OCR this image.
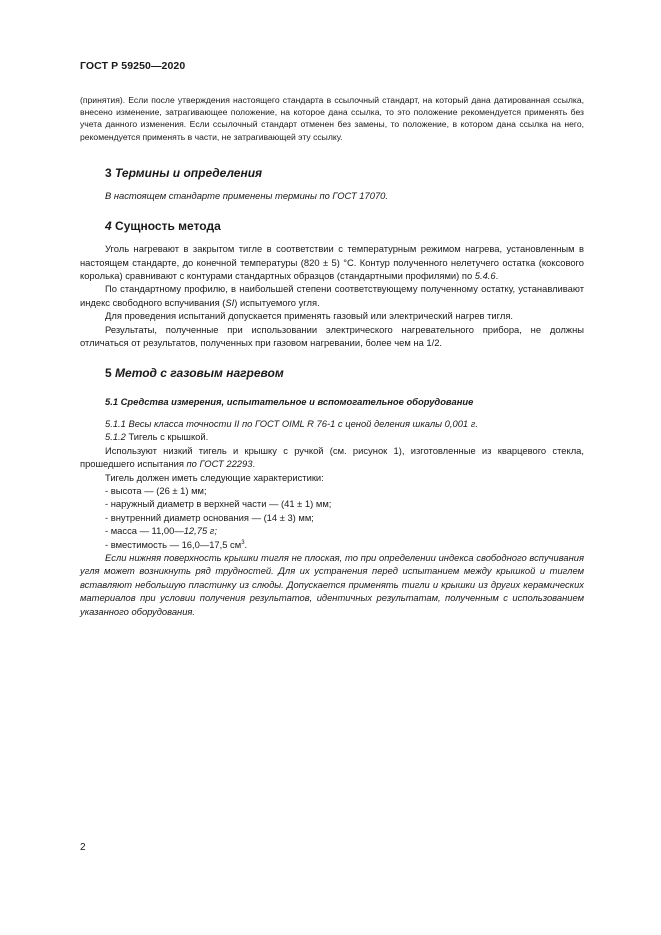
ГОСТ Р 59250—2020

(принятия). Если после утверждения настоящего стандарта в ссылочный стандарт, на который дана датированная ссылка, внесено изменение, затрагивающее положение, на которое дана ссылка, то это положение рекомендуется применять без учета данного изменения. Если ссылочный стандарт отменен без замены, то положение, в котором дана ссылка на него, рекомендуется применять в части, не затрагивающей эту ссылку.

3 Термины и определения

В настоящем стандарте применены термины по ГОСТ 17070.

4 Сущность метода

Уголь нагревают в закрытом тигле в соответствии с температурным режимом нагрева, установленным в настоящем стандарте, до конечной температуры (820 ± 5) °С. Контур полученного нелетучего остатка (коксового королька) сравнивают с контурами стандартных образцов (стандартными профилями) по 5.4.6.

По стандартному профилю, в наибольшей степени соответствующему полученному остатку, устанавливают индекс свободного вспучивания (SI) испытуемого угля.

Для проведения испытаний допускается применять газовый или электрический нагрев тигля.

Результаты, полученные при использовании электрического нагревательного прибора, не должны отличаться от результатов, полученных при газовом нагревании, более чем на 1/2.

5 Метод с газовым нагревом
5.1 Средства измерения, испытательное и вспомогательное оборудование

5.1.1 Весы класса точности II по ГОСТ OIML R 76-1 с ценой деления шкалы 0,001 г.

5.1.2 Тигель с крышкой.

Используют низкий тигель и крышку с ручкой (см. рисунок 1), изготовленные из кварцевого стекла, прошедшего испытания по ГОСТ 22293.

Тигель должен иметь следующие характеристики:

- высота — (26 ± 1) мм;

- наружный диаметр в верхней части — (41 ± 1) мм;

- внутренний диаметр основания — (14 ± 3) мм;

- масса — 11,00—12,75 г;

- вместимость — 16,0—17,5 $см^3$.

Если нижняя поверхность крышки тигля не плоская, то при определении индекса свободного вспучивания угля может возникнуть ряд трудностей. Для их устранения перед испытанием между крышкой и тиглем вставляют небольшую пластинку из слюды. Допускается применять тигли и крышки из других керамических материалов при условии получения результатов, идентичных результатам, полученным с использованием указанного оборудования.

2
